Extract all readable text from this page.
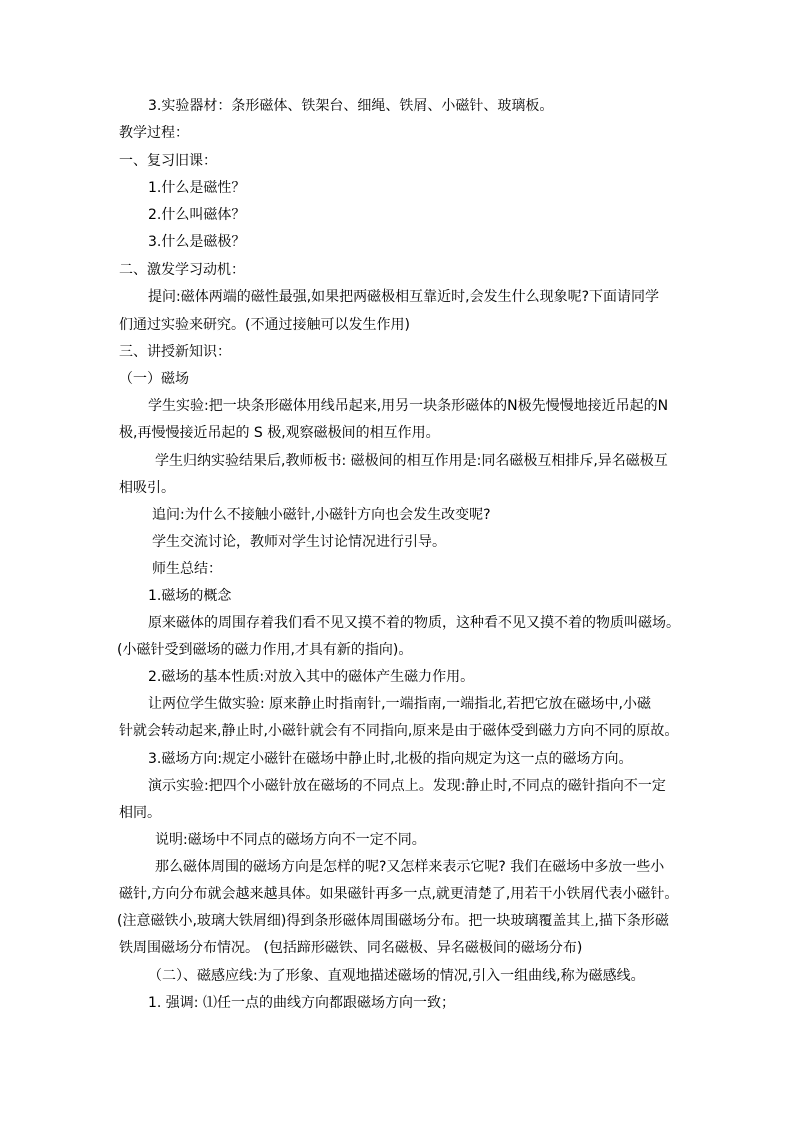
3.实验器材：条形磁体、铁架台、细绳、铁屑、小磁针、玻璃板。
教学过程：
一、复习旧课：
1.什么是磁性？
2.什么叫磁体？
3.什么是磁极？
二、激发学习动机：
提问:磁体两端的磁性最强,如果把两磁极相互靠近时,会发生什么现象呢?下面请同学
们通过实验来研究。(不通过接触可以发生作用)
三、讲授新知识：
（一）磁场
学生实验:把一块条形磁体用线吊起来,用另一块条形磁体的N极先慢慢地接近吊起的N
极,再慢慢接近吊起的 S 极,观察磁极间的相互作用。
学生归纳实验结果后,教师板书: 磁极间的相互作用是:同名磁极互相排斥,异名磁极互
相吸引。
追问:为什么不接触小磁针,小磁针方向也会发生改变呢?
学生交流讨论，教师对学生讨论情况进行引导。
师生总结：
1.磁场的概念
原来磁体的周围存着我们看不见又摸不着的物质，这种看不见又摸不着的物质叫磁场。
(小磁针受到磁场的磁力作用,才具有新的指向)。
2.磁场的基本性质:对放入其中的磁体产生磁力作用。
让两位学生做实验: 原来静止时指南针,一端指南,一端指北,若把它放在磁场中,小磁
针就会转动起来,静止时,小磁针就会有不同指向,原来是由于磁体受到磁力方向不同的原故。
3.磁场方向:规定小磁针在磁场中静止时,北极的指向规定为这一点的磁场方向。
演示实验:把四个小磁针放在磁场的不同点上。发现:静止时,不同点的磁针指向不一定
相同。
说明:磁场中不同点的磁场方向不一定不同。
那么磁体周围的磁场方向是怎样的呢?又怎样来表示它呢? 我们在磁场中多放一些小
磁针,方向分布就会越来越具体。如果磁针再多一点,就更清楚了,用若干小铁屑代表小磁针。
(注意磁铁小,玻璃大铁屑细)得到条形磁体周围磁场分布。把一块玻璃覆盖其上,描下条形磁
铁周围磁场分布情况。 (包括蹄形磁铁、同名磁极、异名磁极间的磁场分布)
（二）、磁感应线:为了形象、直观地描述磁场的情况,引入一组曲线,称为磁感线。
1. 强调: ⑴任一点的曲线方向都跟磁场方向一致；
